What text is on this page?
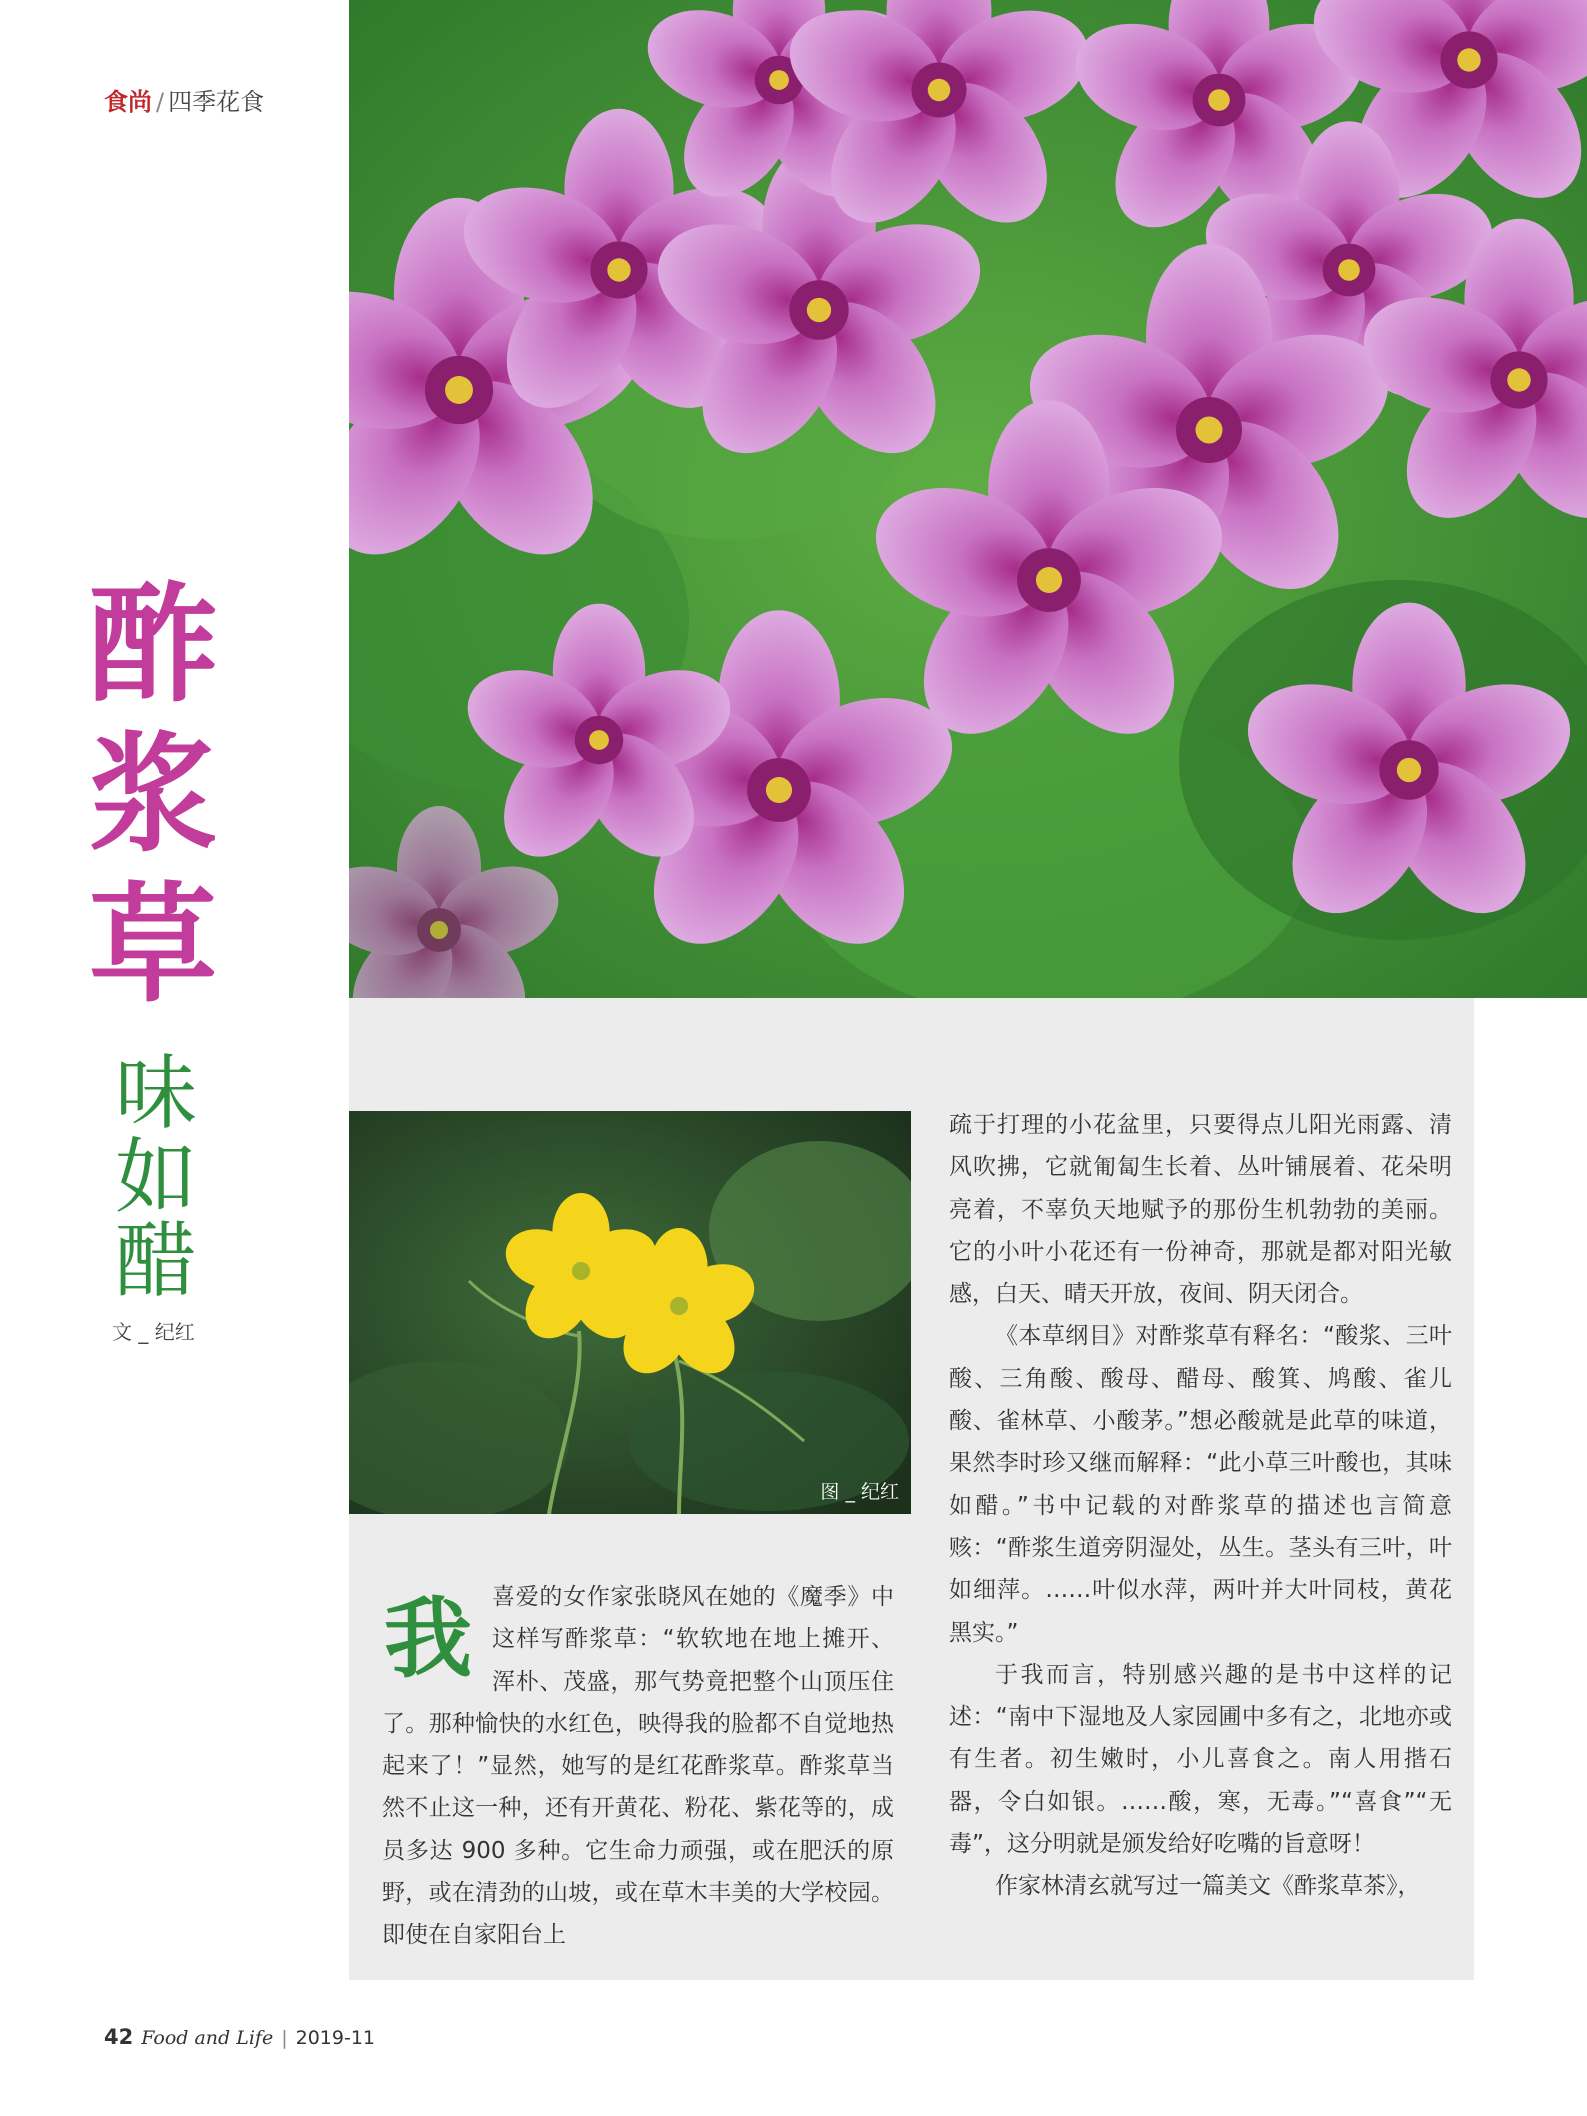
食尚 / 四季花食
酢
浆
草
味
如
醋
文 _ 纪红
图 _ 纪红
我 喜爱的女作家张晓风在她的《魔季》中这样写酢浆草：“软软地在地上摊开、浑朴、茂盛，那气势竟把整个山顶压住了。那种愉快的水红色，映得我的脸都不自觉地热起来了！”显然，她写的是红花酢浆草。酢浆草当然不止这一种，还有开黄花、粉花、紫花等的，成员多达 900 多种。它生命力顽强，或在肥沃的原野，或在清劲的山坡，或在草木丰美的大学校园。即使在自家阳台上

疏于打理的小花盆里，只要得点儿阳光雨露、清风吹拂，它就匍匐生长着、丛叶铺展着、花朵明亮着，不辜负天地赋予的那份生机勃勃的美丽。它的小叶小花还有一份神奇，那就是都对阳光敏感，白天、晴天开放，夜间、阴天闭合。

《本草纲目》对酢浆草有释名：“酸浆、三叶酸、三角酸、酸母、醋母、酸箕、鸠酸、雀儿酸、雀林草、小酸茅。”想必酸就是此草的味道，果然李时珍又继而解释：“此小草三叶酸也，其味如醋。”书中记载的对酢浆草的描述也言简意赅：“酢浆生道旁阴湿处，丛生。茎头有三叶，叶如细萍。……叶似水萍，两叶并大叶同枝，黄花黑实。”

于我而言，特别感兴趣的是书中这样的记述：“南中下湿地及人家园圃中多有之，北地亦或有生者。初生嫩时，小儿喜食之。南人用揩石器，令白如银。……酸，寒，无毒。”“喜食”“无毒”，这分明就是颁发给好吃嘴的旨意呀！

作家林清玄就写过一篇美文《酢浆草茶》，

42 Food and Life | 2019-11
